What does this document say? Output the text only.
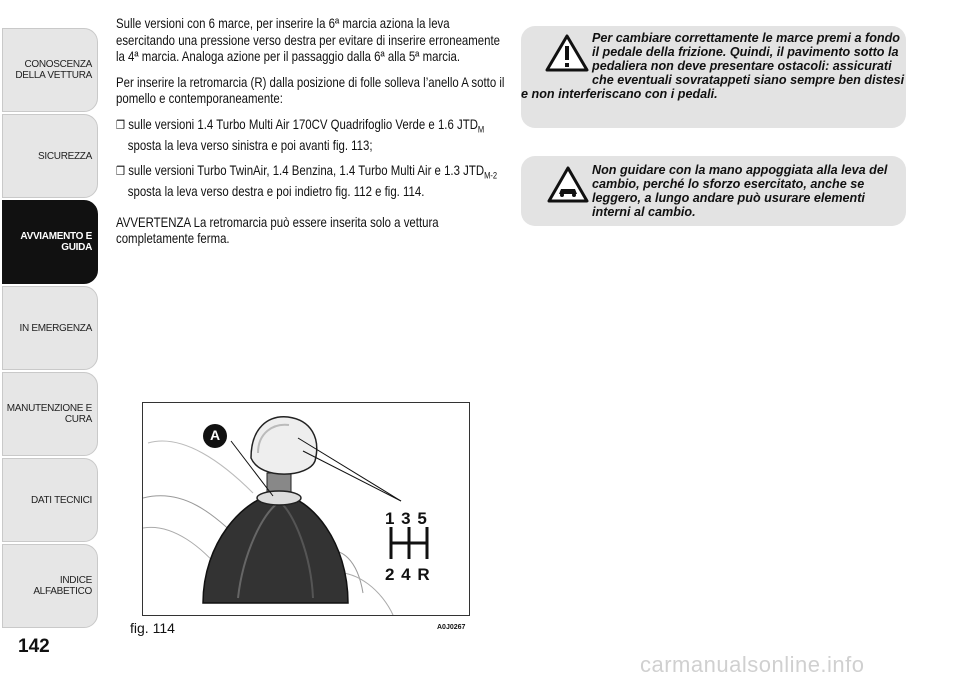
CONOSCENZA DELLA VETTURA
SICUREZZA
AVVIAMENTO E GUIDA
IN EMERGENZA
MANUTENZIONE E CURA
DATI TECNICI
INDICE ALFABETICO
142

Sulle versioni con 6 marce, per inserire la 6ª marcia aziona la leva esercitando una pressione verso destra per evitare di inserire erroneamente la 4ª marcia. Analoga azione per il passaggio dalla 6ª alla 5ª marcia.

Per inserire la retromarcia (R) dalla posizione di folle solleva l’anello A sotto il pomello e contemporaneamente:

❒ sulle versioni 1.4 Turbo Multi Air 170CV Quadrifoglio Verde e 1.6 $JTD_M$ sposta la leva verso sinistra e poi avanti fig. 113;

❒ sulle versioni Turbo TwinAir, 1.4 Benzina, 1.4 Turbo Multi Air e 1.3 $JTD_{M-2}$ sposta la leva verso destra e poi indietro fig. 112 e fig. 114.

AVVERTENZA La retromarcia può essere inserita solo a vettura completamente ferma.

Per cambiare correttamente le marce premi a fondo il pedale della frizione. Quindi, il pavimento sotto la pedaliera non deve presentare ostacoli: assicurati che eventuali sovratappeti siano sempre ben distesi e non interferiscano con i pedali.
Non guidare con la mano appoggiata alla leva del cambio, perché lo sforzo esercitato, anche se leggero, a lungo andare può usurare elementi interni al cambio.
A
1 3 5
2 4 R
fig. 114	A0J0267
carmanualsonline.info
